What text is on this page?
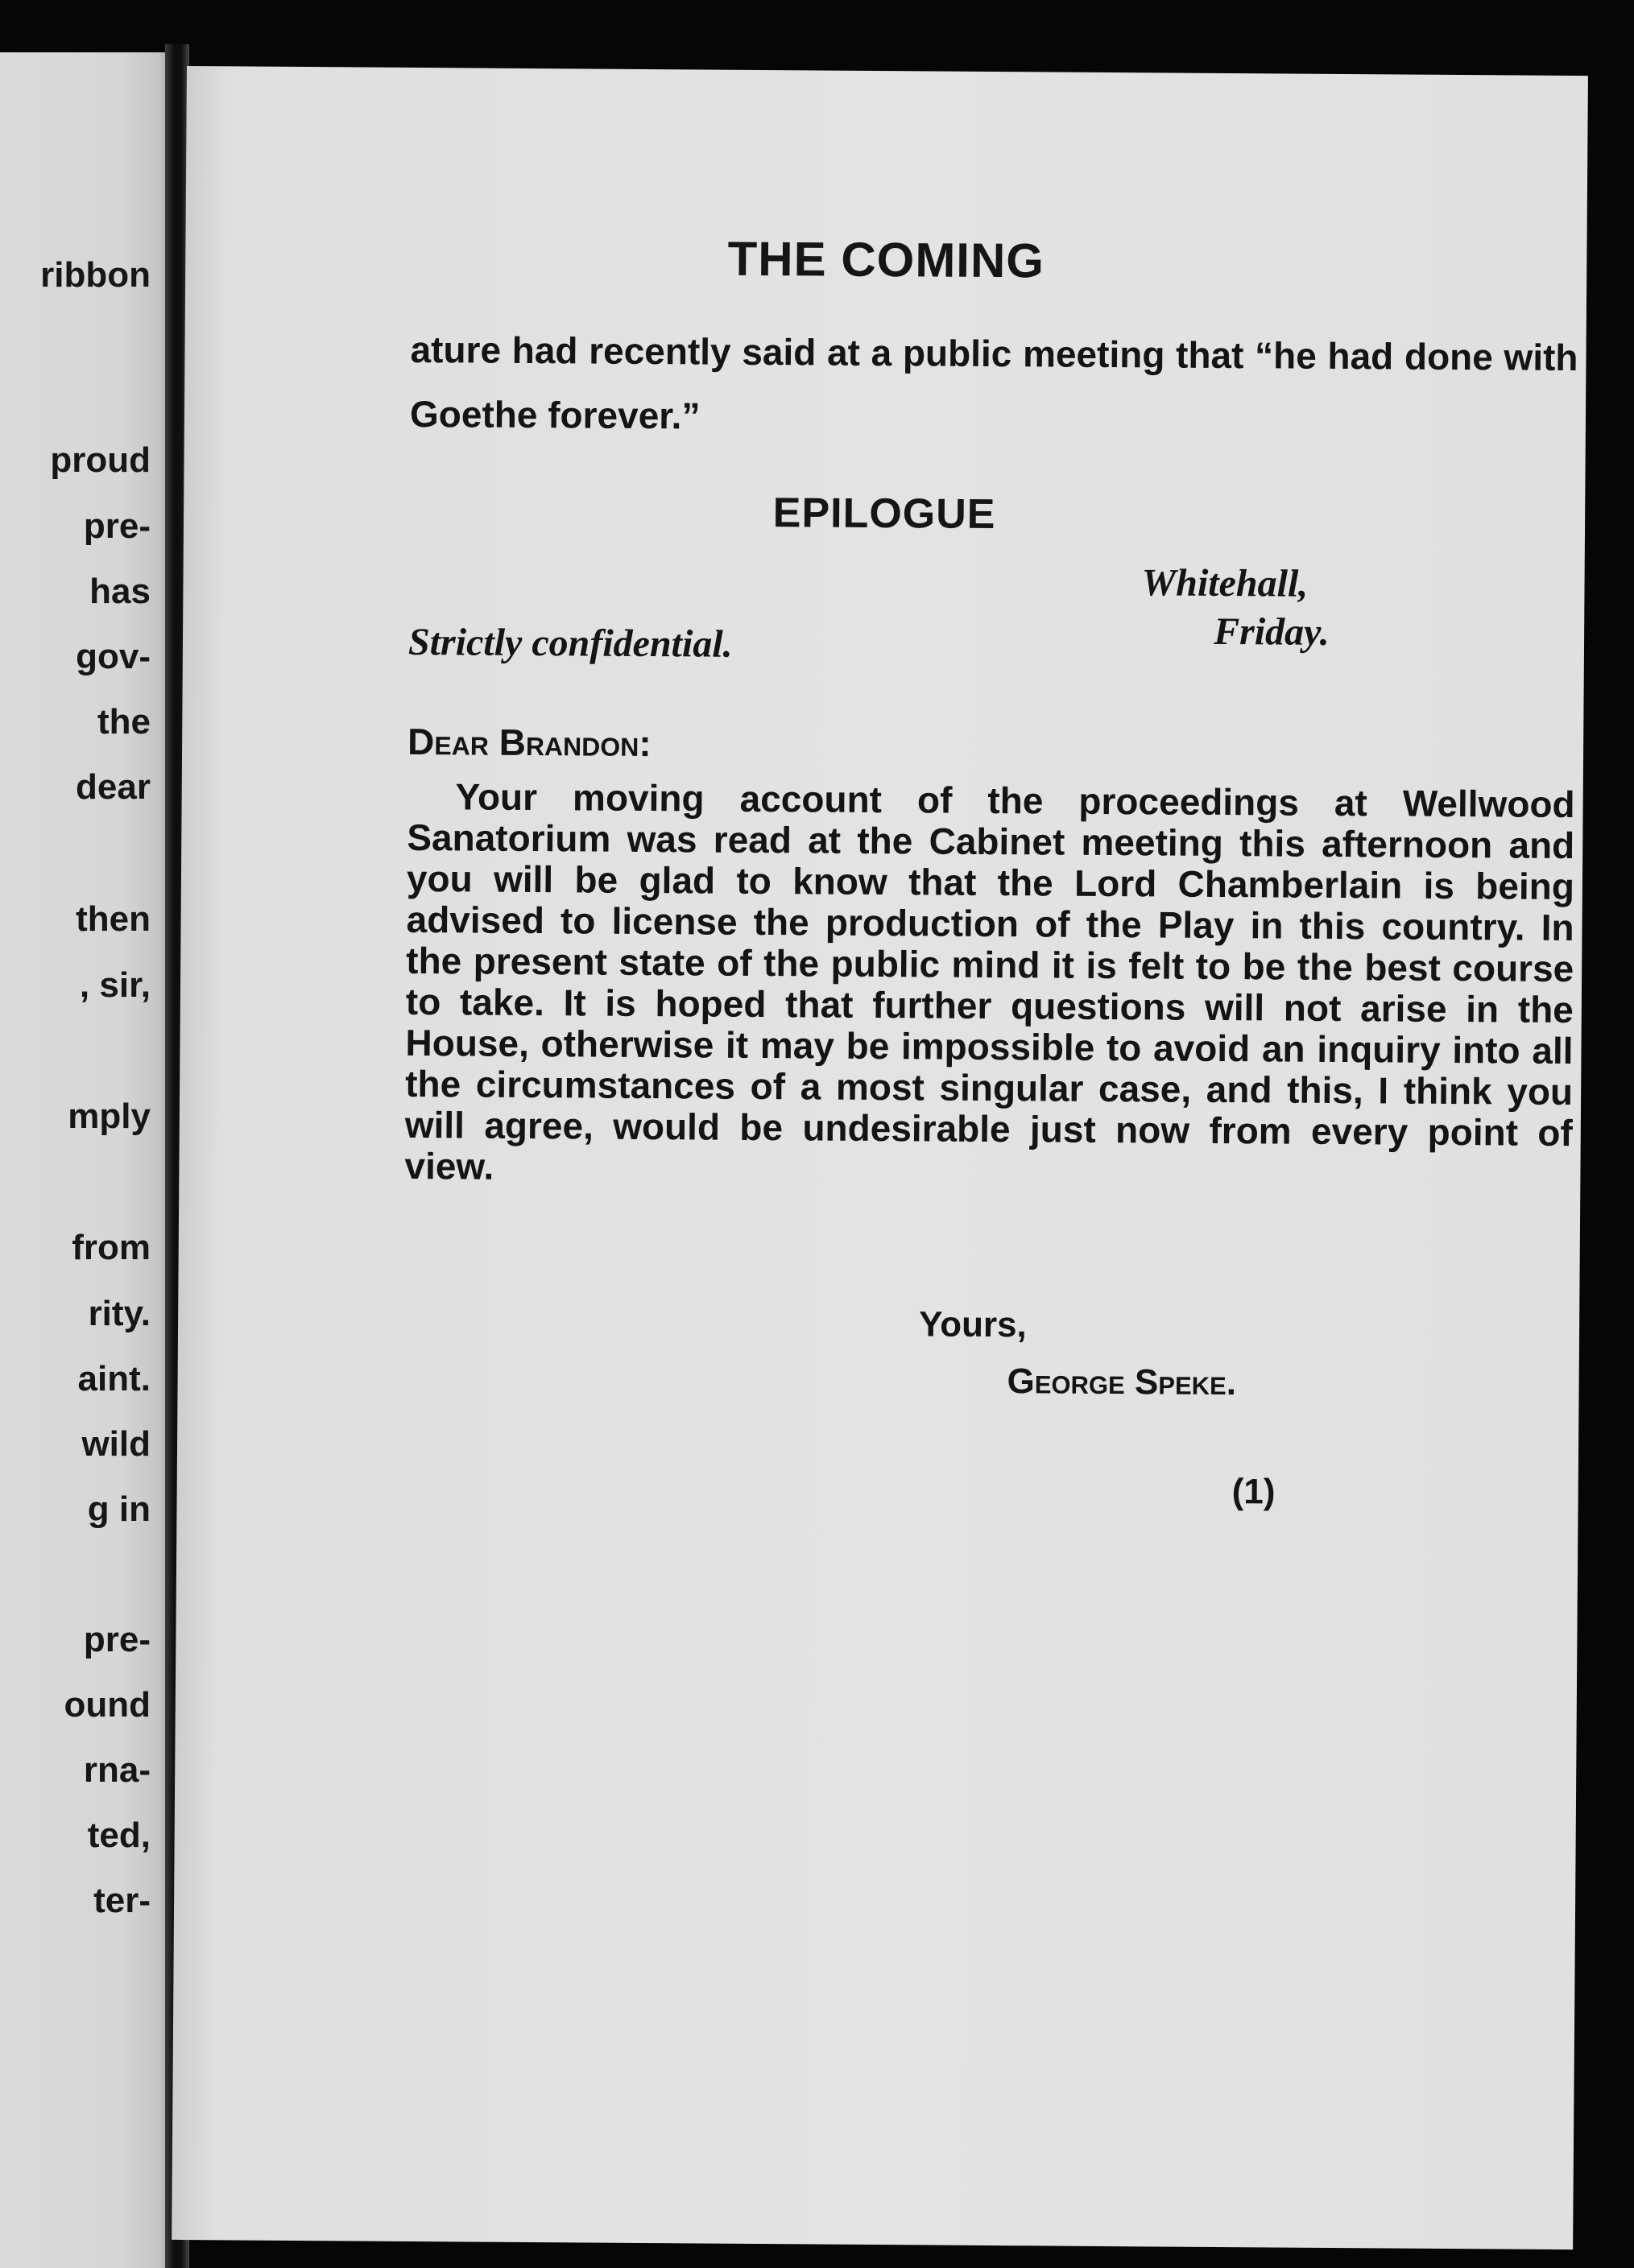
ribbon
proud
pre-
has
gov-
the
dear
then
, sir,
mply
from
rity.
aint.
wild
g in
pre-
ound
rna-
ted,
ter-
THE COMING

ature had recently said at a public meeting that “he had done with Goethe forever.”

EPILOGUE

Whitehall,

Friday.

Strictly confidential.

Dear Brandon:

Your moving account of the proceedings at Wellwood Sanatorium was read at the Cabinet meeting this afternoon and you will be glad to know that the Lord Chamberlain is being advised to license the production of the Play in this country. In the present state of the public mind it is felt to be the best course to take. It is hoped that further questions will not arise in the House, otherwise it may be impossible to avoid an inquiry into all the circumstances of a most singular case, and this, I think you will agree, would be undesirable just now from every point of view.

Yours,

George Speke.

(1)
